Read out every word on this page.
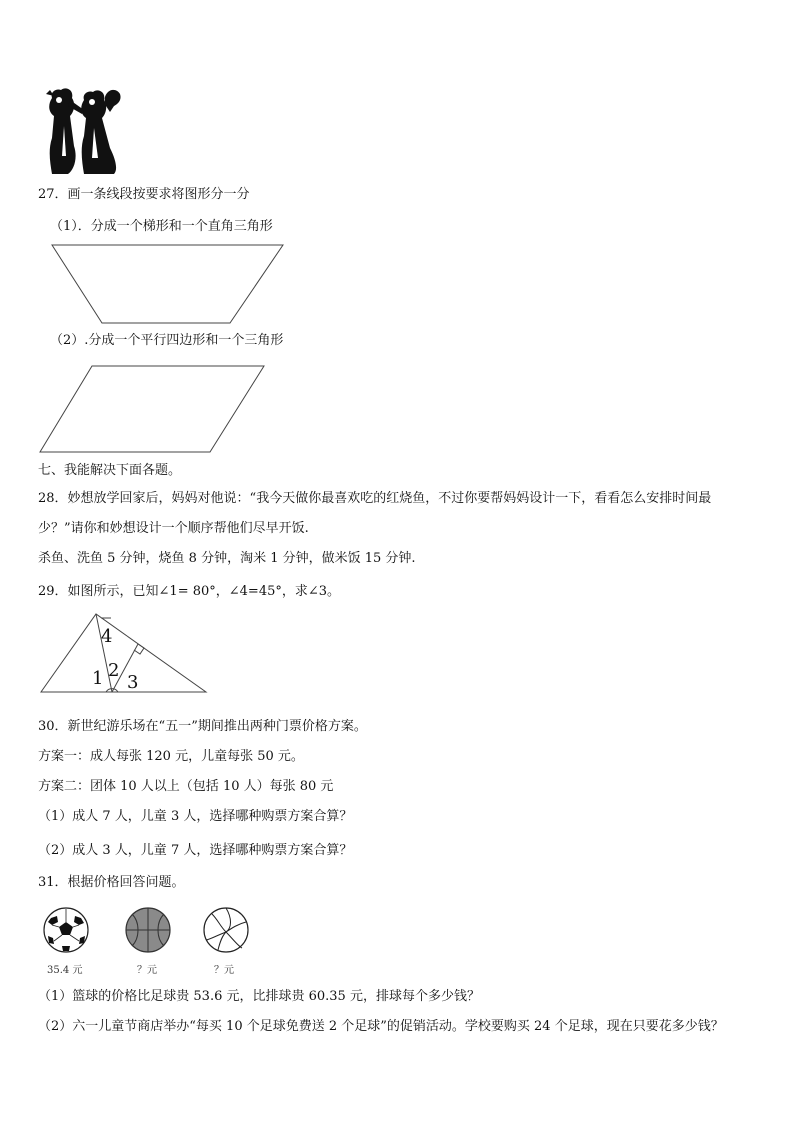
27．画一条线段按要求将图形分一分
（1）．分成一个梯形和一个直角三角形
（2）.分成一个平行四边形和一个三角形
七、我能解决下面各题。
28．妙想放学回家后，妈妈对他说：“我今天做你最喜欢吃的红烧鱼，不过你要帮妈妈设计一下，看看怎么安排时间最
少？”请你和妙想设计一个顺序帮他们尽早开饭.
杀鱼、洗鱼 5 分钟，烧鱼 8 分钟，淘米 1 分钟，做米饭 15 分钟.
29．如图所示，已知∠1= 80°，∠4=45°，求∠3。
4
2
1 3
30．新世纪游乐场在“五一”期间推出两种门票价格方案。
方案一：成人每张 120 元，儿童每张 50 元。
方案二：团体 10 人以上（包括 10 人）每张 80 元
（1）成人 7 人，儿童 3 人，选择哪种购票方案合算？
（2）成人 3 人，儿童 7 人，选择哪种购票方案合算？
31．根据价格回答问题。
35.4 元	？元	？元
（1）篮球的价格比足球贵 53.6 元，比排球贵 60.35 元，排球每个多少钱？
（2）六一儿童节商店举办“每买 10 个足球免费送 2 个足球”的促销活动。学校要购买 24 个足球，现在只要花多少钱？
